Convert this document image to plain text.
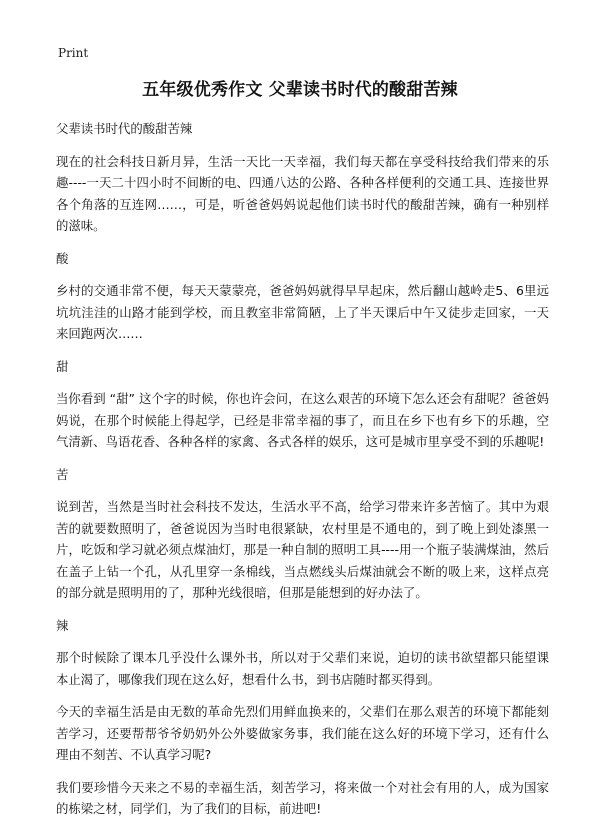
Print
五年级优秀作文 父辈读书时代的酸甜苦辣
父辈读书时代的酸甜苦辣

现在的社会科技日新月异，生活一天比一天幸福，我们每天都在享受科技给我们带来的乐趣----一天二十四小时不间断的电、四通八达的公路、各种各样便利的交通工具、连接世界各个角落的互连网……，可是，听爸爸妈妈说起他们读书时代的酸甜苦辣，确有一种别样的滋味。

酸

乡村的交通非常不便，每天天蒙蒙亮，爸爸妈妈就得早早起床，然后翻山越岭走5、6里远坑坑洼洼的山路才能到学校，而且教室非常简陋，上了半天课后中午又徒步走回家，一天来回跑两次……

甜

当你看到 “甜” 这个字的时候，你也许会问，在这么艰苦的环境下怎么还会有甜呢？爸爸妈妈说，在那个时候能上得起学，已经是非常幸福的事了，而且在乡下也有乡下的乐趣，空气清新、鸟语花香、各种各样的家禽、各式各样的娱乐，这可是城市里享受不到的乐趣呢!

苦

说到苦，当然是当时社会科技不发达，生活水平不高，给学习带来许多苦恼了。其中为艰苦的就要数照明了，爸爸说因为当时电很紧缺，农村里是不通电的，到了晚上到处漆黑一片，吃饭和学习就必须点煤油灯，那是一种自制的照明工具----用一个瓶子装满煤油，然后在盖子上钻一个孔，从孔里穿一条棉线，当点燃线头后煤油就会不断的吸上来，这样点亮的部分就是照明用的了，那种光线很暗，但那是能想到的好办法了。

辣

那个时候除了课本几乎没什么课外书，所以对于父辈们来说，迫切的读书欲望都只能望课本止渴了，哪像我们现在这么好，想看什么书，到书店随时都买得到。

今天的幸福生活是由无数的革命先烈们用鲜血换来的，父辈们在那么艰苦的环境下都能刻苦学习，还要帮帮爷爷奶奶外公外婆做家务事，我们能在这么好的环境下学习，还有什么理由不刻苦、不认真学习呢?

我们要珍惜今天来之不易的幸福生活，刻苦学习，将来做一个对社会有用的人，成为国家的栋梁之材，同学们，为了我们的目标，前进吧!
